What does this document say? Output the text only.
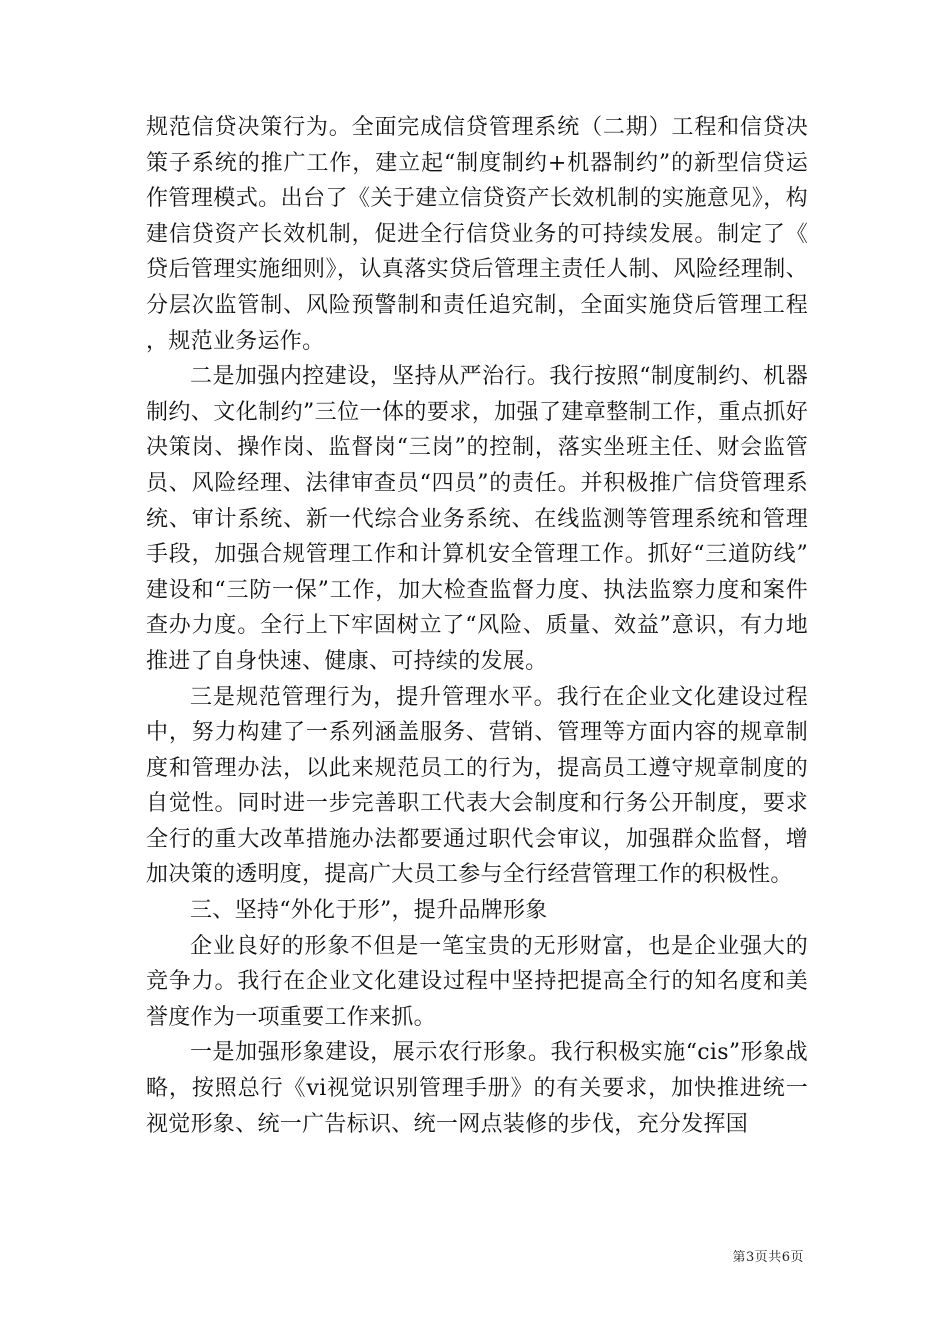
规范信贷决策行为。全面完成信贷管理系统（二期）工程和信贷决策子系统的推广工作，建立起“制度制约+机器制约”的新型信贷运作管理模式。出台了《关于建立信贷资产长效机制的实施意见》，构建信贷资产长效机制，促进全行信贷业务的可持续发展。制定了《贷后管理实施细则》，认真落实贷后管理主责任人制、风险经理制、分层次监管制、风险预警制和责任追究制，全面实施贷后管理工程，规范业务运作。

二是加强内控建设，坚持从严治行。我行按照“制度制约、机器制约、文化制约”三位一体的要求，加强了建章整制工作，重点抓好决策岗、操作岗、监督岗“三岗”的控制，落实坐班主任、财会监管员、风险经理、法律审查员“四员”的责任。并积极推广信贷管理系统、审计系统、新一代综合业务系统、在线监测等管理系统和管理手段，加强合规管理工作和计算机安全管理工作。抓好“三道防线”建设和“三防一保”工作，加大检查监督力度、执法监察力度和案件查办力度。全行上下牢固树立了“风险、质量、效益”意识，有力地推进了自身快速、健康、可持续的发展。

三是规范管理行为，提升管理水平。我行在企业文化建设过程中，努力构建了一系列涵盖服务、营销、管理等方面内容的规章制度和管理办法，以此来规范员工的行为，提高员工遵守规章制度的自觉性。同时进一步完善职工代表大会制度和行务公开制度，要求全行的重大改革措施办法都要通过职代会审议，加强群众监督，增加决策的透明度，提高广大员工参与全行经营管理工作的积极性。

三、坚持“外化于形”，提升品牌形象

企业良好的形象不但是一笔宝贵的无形财富，也是企业强大的竞争力。我行在企业文化建设过程中坚持把提高全行的知名度和美誉度作为一项重要工作来抓。

一是加强形象建设，展示农行形象。我行积极实施“cis”形象战略，按照总行《vi视觉识别管理手册》的有关要求，加快推进统一视觉形象、统一广告标识、统一网点装修的步伐，充分发挥国

第3页共6页
